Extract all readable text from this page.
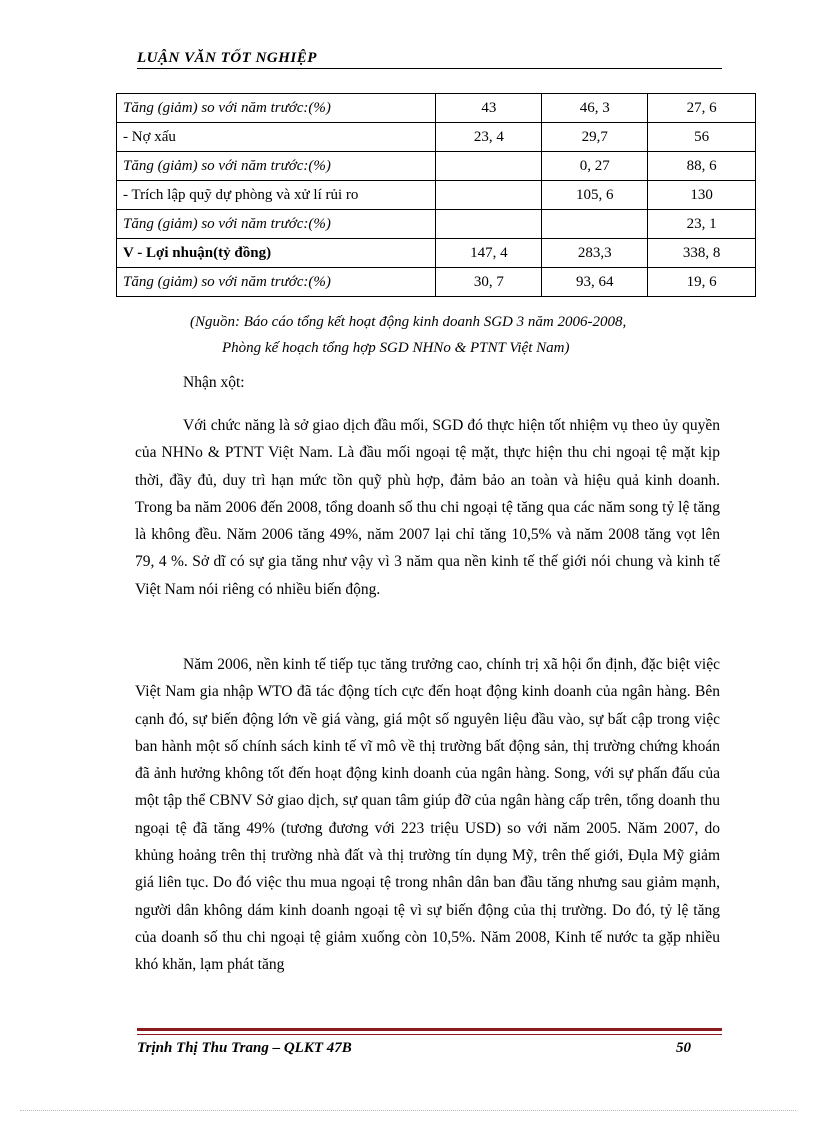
LUẬN VĂN TỐT NGHIỆP
Tăng (giảm) so với năm trước:(%)	43	46, 3	27, 6
- Nợ xấu	23, 4	29,7	56
Tăng (giảm) so với năm trước:(%)		0, 27	88, 6
- Trích lập quỹ dự phòng và xử lí rủi ro		105, 6	130
Tăng (giảm) so với năm trước:(%)			23, 1
V - Lợi nhuận(tỷ đồng)	147, 4	283,3	338, 8
Tăng (giảm) so với năm trước:(%)	30, 7	93, 64	19, 6
(Nguồn: Báo cáo tổng kết hoạt động kinh doanh SGD 3 năm 2006-2008,
Phòng kế hoạch tổng hợp SGD NHNo & PTNT Việt Nam)
Nhận xột:

Với chức năng là sở giao dịch đầu mối, SGD đó thực hiện tốt nhiệm vụ theo ủy quyền của NHNo & PTNT Việt Nam. Là đầu mối ngoại tệ mặt, thực hiện thu chi ngoại tệ mặt kịp thời, đầy đủ, duy trì hạn mức tồn quỹ phù hợp, đảm bảo an toàn và hiệu quả kinh doanh. Trong ba năm 2006 đến 2008, tổng doanh số thu chi ngoại tệ tăng qua các năm song tỷ lệ tăng là không đều. Năm 2006 tăng 49%, năm 2007 lại chỉ tăng 10,5% và năm 2008 tăng vọt lên 79, 4 %. Sở dĩ có sự gia tăng như vậy vì 3 năm qua nền kinh tế thế giới nói chung và kinh tế Việt Nam nói riêng có nhiều biến động.

Năm 2006, nền kinh tế tiếp tục tăng trưởng cao, chính trị xã hội ổn định, đặc biệt việc Việt Nam gia nhập WTO đã tác động tích cực đến hoạt động kinh doanh của ngân hàng. Bên cạnh đó, sự biến động lớn về giá vàng, giá một số nguyên liệu đầu vào, sự bất cập trong việc ban hành một số chính sách kinh tế vĩ mô về thị trường bất động sản, thị trường chứng khoán đã ảnh hưởng không tốt đến hoạt động kinh doanh của ngân hàng. Song, với sự phấn đấu của một tập thể CBNV Sở giao dịch, sự quan tâm giúp đỡ của ngân hàng cấp trên, tổng doanh thu ngoại tệ đã tăng 49% (tương đương với 223 triệu USD) so với năm 2005. Năm 2007, do khủng hoảng trên thị trường nhà đất và thị trường tín dụng Mỹ, trên thế giới, Đụla Mỹ giảm giá liên tục. Do đó việc thu mua ngoại tệ trong nhân dân ban đầu tăng nhưng sau giảm mạnh, người dân không dám kinh doanh ngoại tệ vì sự biến động của thị trường. Do đó, tỷ lệ tăng của doanh số thu chi ngoại tệ giảm xuống còn 10,5%. Năm 2008, Kinh tế nước ta gặp nhiều khó khăn, lạm phát tăng

Trịnh Thị Thu Trang – QLKT 47B	50
